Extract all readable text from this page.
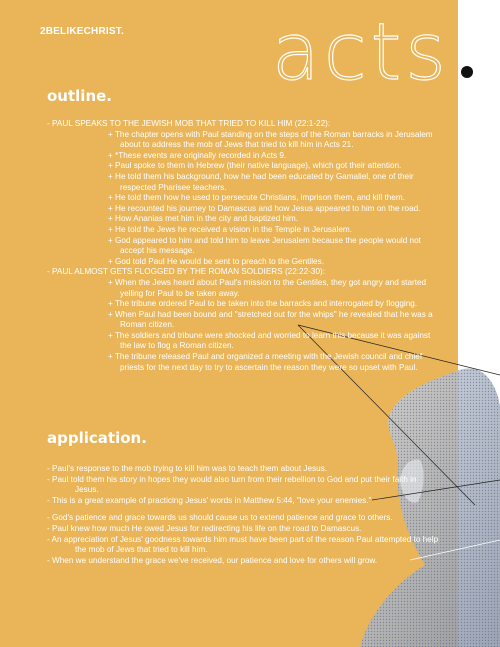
2BELIKECHRIST. acts
outline.
- PAUL SPEAKS TO THE JEWISH MOB THAT TRIED TO KILL HIM (22:1-22):
+ The chapter opens with Paul standing on the steps of the Roman barracks in Jerusalem about to address the mob of Jews that tried to kill him in Acts 21.
+ *These events are originally recorded in Acts 9.
+ Paul spoke to them in Hebrew (their native language), which got their attention.
+ He told them his background, how he had been educated by Gamaliel, one of their respected Pharisee teachers.
+ He told them how he used to persecute Christians, imprison them, and kill them.
+ He recounted his journey to Damascus and how Jesus appeared to him on the road.
+ How Ananias met him in the city and baptized him.
+ He told the Jews he received a vision in the Temple in Jerusalem.
+ God appeared to him and told him to leave Jerusalem because the people would not accept his message.
+ God told Paul He would be sent to preach to the Gentiles.
- PAUL ALMOST GETS FLOGGED BY THE ROMAN SOLDIERS (22:22-30):
+ When the Jews heard about Paul's mission to the Gentiles, they got angry and started yelling for Paul to be taken away.
+ The tribune ordered Paul to be taken into the barracks and interrogated by flogging.
+ When Paul had been bound and "stretched out for the whips" he revealed that he was a Roman citizen.
+ The soldiers and tribune were shocked and worried to learn this because it was against the law to flog a Roman citizen.
+ The tribune released Paul and organized a meeting with the Jewish council and chief priests for the next day to try to ascertain the reason they were so upset with Paul.
application.
- Paul's response to the mob trying to kill him was to teach them about Jesus.
- Paul told them his story in hopes they would also turn from their rebellion to God and put their faith in Jesus.
- This is a great example of practicing Jesus' words in Matthew 5:44, "love your enemies."
- God's patience and grace towards us should cause us to extend patience and grace to others.
- Paul knew how much He owed Jesus for redirecting his life on the road to Damascus.
- An appreciation of Jesus' goodness towards him must have been part of the reason Paul attempted to help the mob of Jews that tried to kill him.
- When we understand the grace we've received, our patience and love for others will grow.
